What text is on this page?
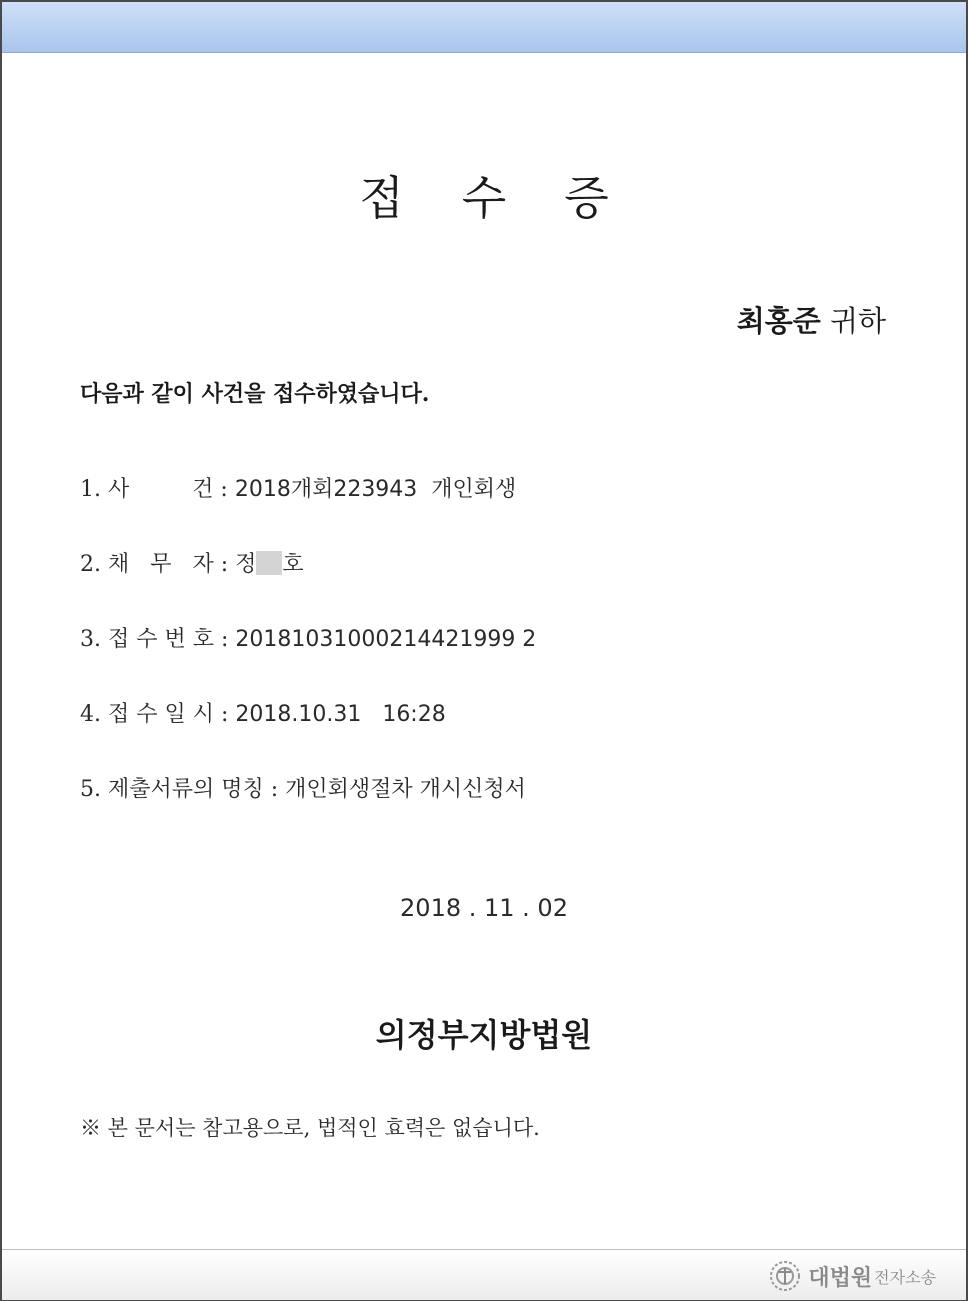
접수증
최홍준 귀하
다음과 같이 사건을 접수하였습니다.
1. 사         건 : 2018개회223943  개인회생
2. 채   무   자 : 정 호
3. 접 수 번 호 : 20181031000214421999 2
4. 접 수 일 시 : 2018.10.31   16:28
5. 제출서류의 명칭 : 개인회생절차 개시신청서
2018 . 11 . 02
의정부지방법원
※ 본 문서는 참고용으로, 법적인 효력은 없습니다.
대법원 전자소송
